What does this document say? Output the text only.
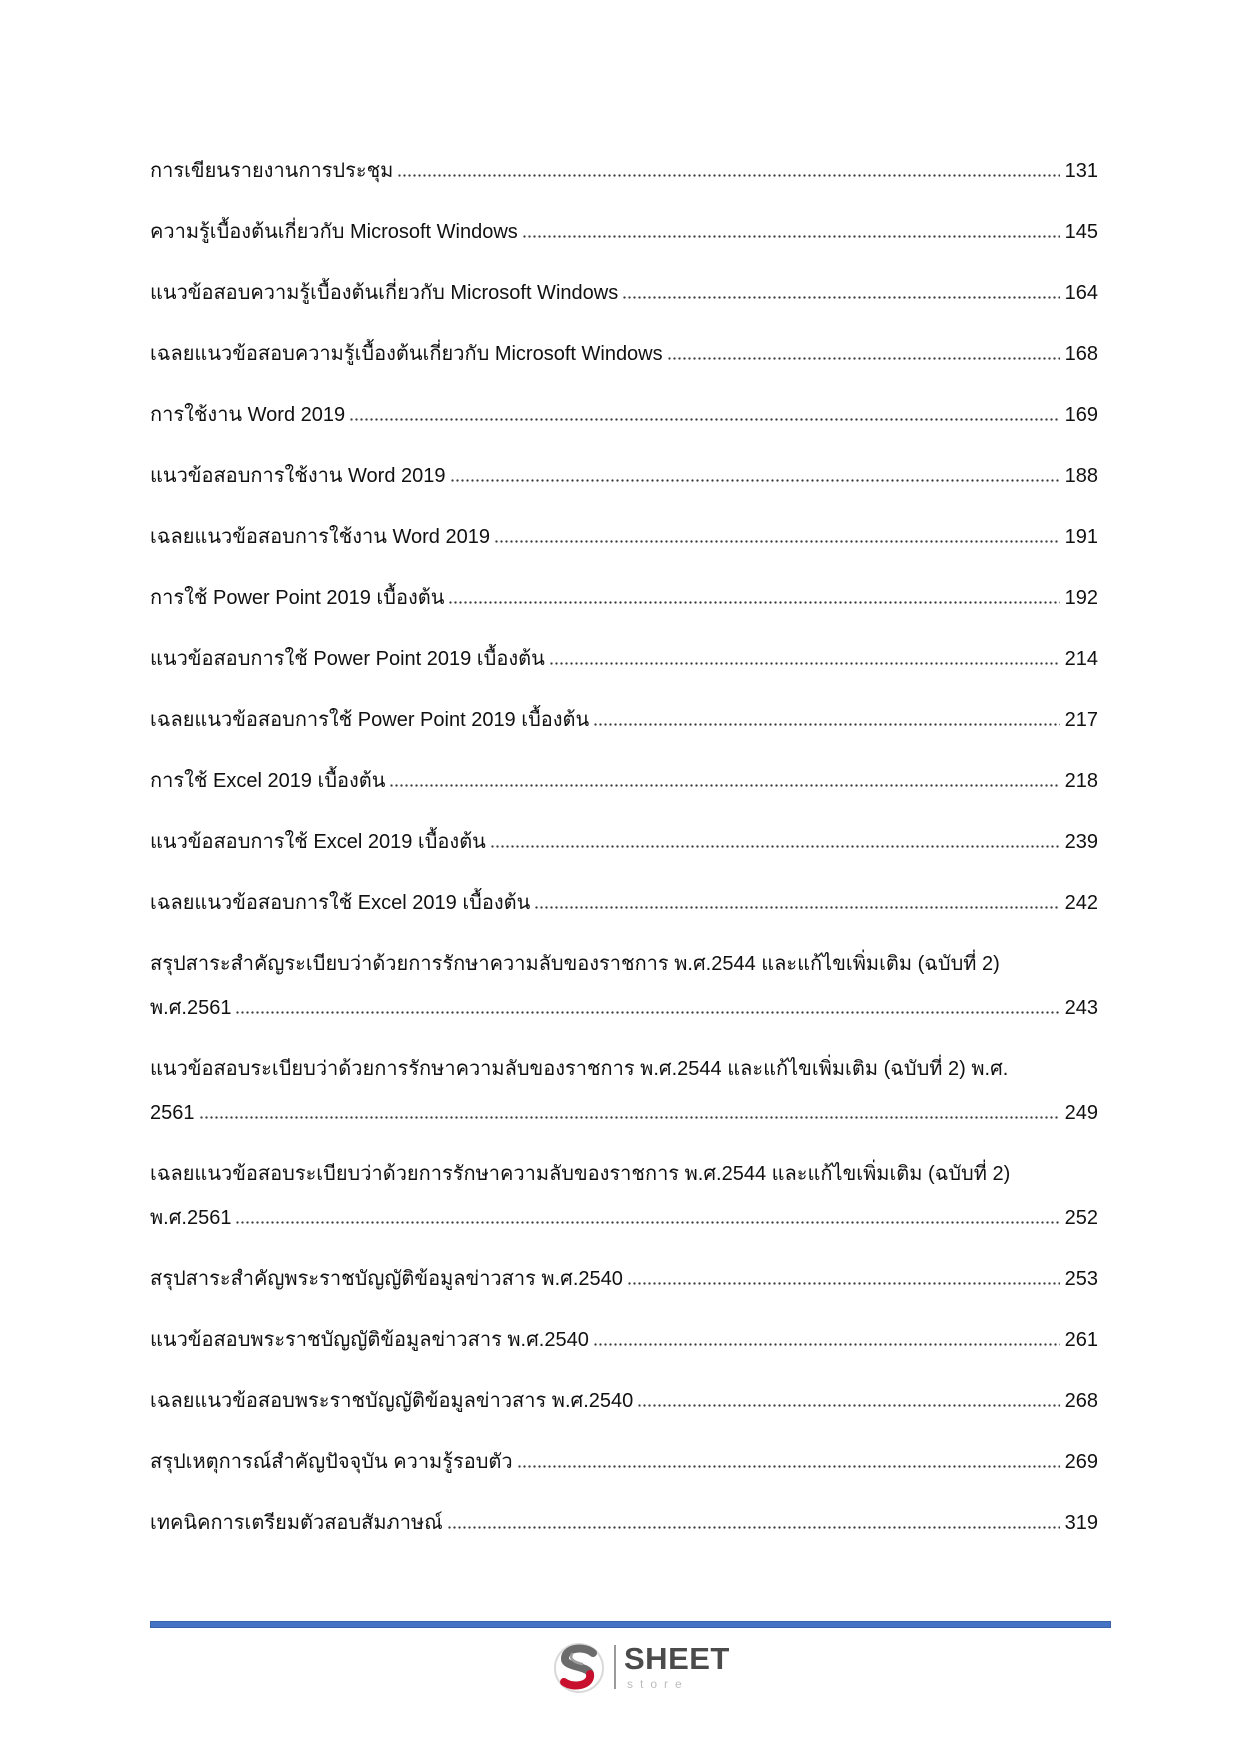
การเขียนรายงานการประชุม	131
ความรู้เบื้องต้นเกี่ยวกับ Microsoft Windows	145
แนวข้อสอบความรู้เบื้องต้นเกี่ยวกับ Microsoft Windows	164
เฉลยแนวข้อสอบความรู้เบื้องต้นเกี่ยวกับ Microsoft Windows	168
การใช้งาน Word 2019	169
แนวข้อสอบการใช้งาน Word 2019	188
เฉลยแนวข้อสอบการใช้งาน Word 2019	191
การใช้ Power Point 2019 เบื้องต้น	192
แนวข้อสอบการใช้ Power Point 2019 เบื้องต้น	214
เฉลยแนวข้อสอบการใช้ Power Point 2019 เบื้องต้น	217
การใช้ Excel 2019 เบื้องต้น	218
แนวข้อสอบการใช้ Excel 2019 เบื้องต้น	239
เฉลยแนวข้อสอบการใช้ Excel 2019 เบื้องต้น	242
สรุปสาระสำคัญระเบียบว่าด้วยการรักษาความลับของราชการ พ.ศ.2544 และแก้ไขเพิ่มเติม (ฉบับที่ 2)
พ.ศ.2561	243
แนวข้อสอบระเบียบว่าด้วยการรักษาความลับของราชการ พ.ศ.2544 และแก้ไขเพิ่มเติม (ฉบับที่ 2) พ.ศ.
2561	249
เฉลยแนวข้อสอบระเบียบว่าด้วยการรักษาความลับของราชการ พ.ศ.2544 และแก้ไขเพิ่มเติม (ฉบับที่ 2)
พ.ศ.2561	252
สรุปสาระสำคัญพระราชบัญญัติข้อมูลข่าวสาร พ.ศ.2540	253
แนวข้อสอบพระราชบัญญัติข้อมูลข่าวสาร พ.ศ.2540	261
เฉลยแนวข้อสอบพระราชบัญญัติข้อมูลข่าวสาร พ.ศ.2540	268
สรุปเหตุการณ์สำคัญปัจจุบัน ความรู้รอบตัว	269
เทคนิคการเตรียมตัวสอบสัมภาษณ์	319
SHEET
store
